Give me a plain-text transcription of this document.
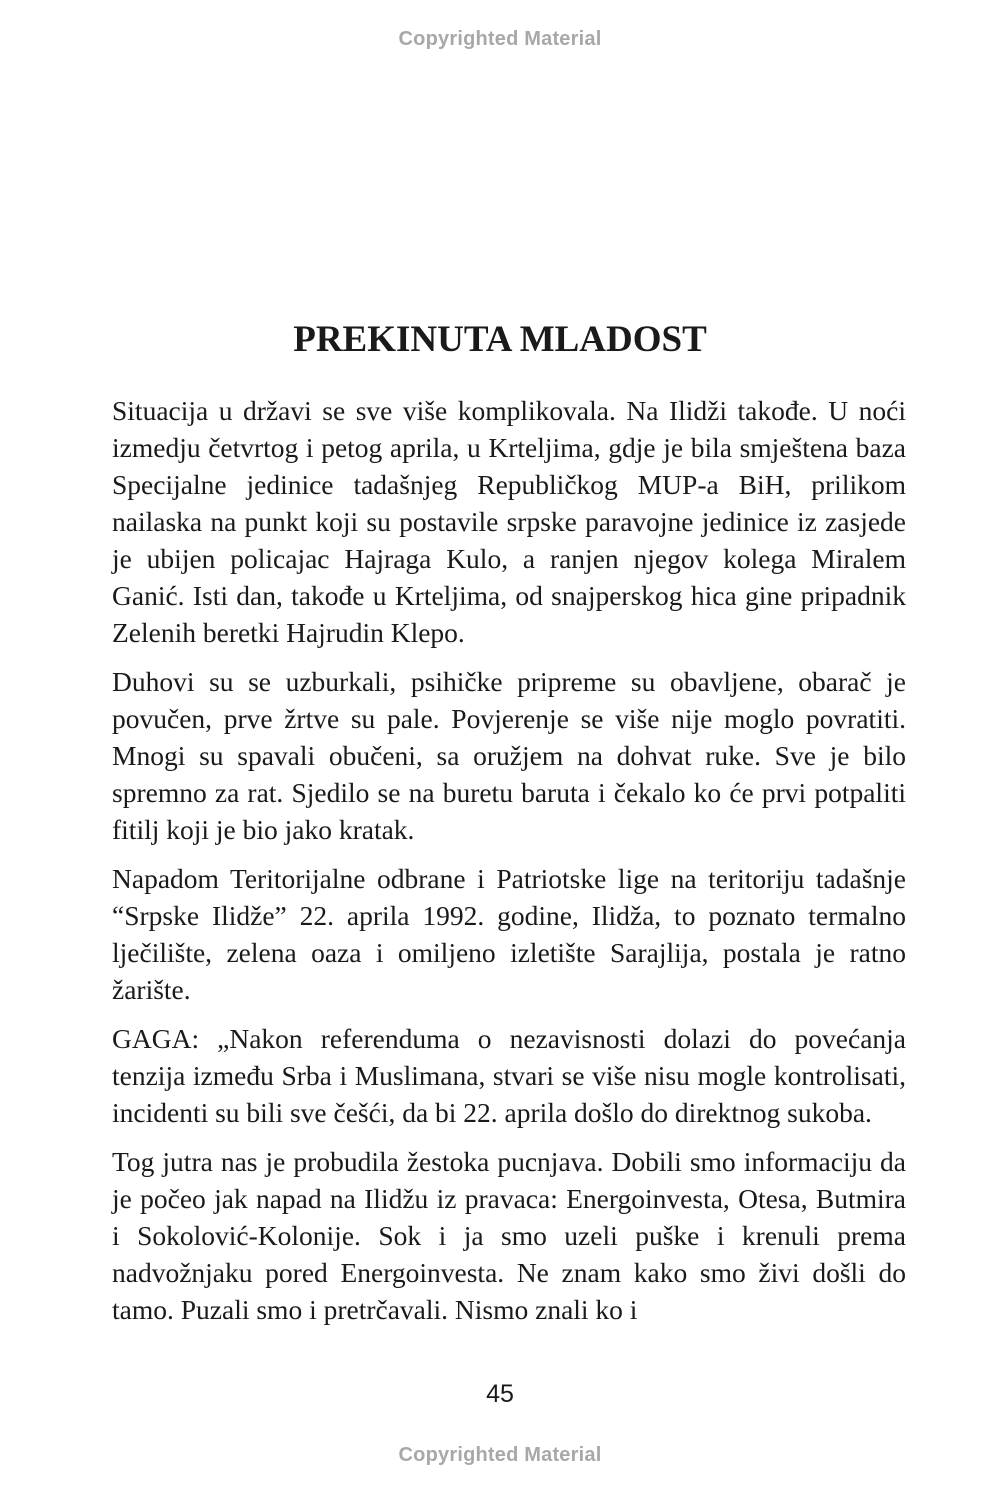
Copyrighted Material
PREKINUTA MLADOST

Situacija u državi se sve više komplikovala. Na Ilidži takođe. U noći izmedju četvrtog i petog aprila, u Krteljima, gdje je bila smještena baza Specijalne jedinice tadašnjeg Republičkog MUP-a BiH, prilikom nailaska na punkt koji su postavile srpske paravojne jedinice iz zasjede je ubijen policajac Hajraga Kulo, a ranjen njegov kolega Miralem Ganić. Isti dan, takođe u Krteljima, od snajperskog hica gine pripadnik Zelenih beretki Hajrudin Klepo.

Duhovi su se uzburkali, psihičke pripreme su obavljene, obarač je povučen, prve žrtve su pale. Povjerenje se više nije moglo povratiti. Mnogi su spavali obučeni, sa oružjem na dohvat ruke. Sve je bilo spremno za rat. Sjedilo se na buretu baruta i čekalo ko će prvi potpaliti fitilj koji je bio jako kratak.

Napadom Teritorijalne odbrane i Patriotske lige na teritoriju tadašnje “Srpske Ilidže” 22. aprila 1992. godine, Ilidža, to poznato termalno lječilište, zelena oaza i omiljeno izletište Sarajlija, postala je ratno žarište.

GAGA: „Nakon referenduma o nezavisnosti dolazi do povećanja tenzija između Srba i Muslimana, stvari se više nisu mogle kontrolisati, incidenti su bili sve češći, da bi 22. aprila došlo do direktnog sukoba.

Tog jutra nas je probudila žestoka pucnjava. Dobili smo informaciju da je počeo jak napad na Ilidžu iz pravaca: Energoinvesta, Otesa, Butmira i Sokolović-Kolonije. Sok i ja smo uzeli puške i krenuli prema nadvožnjaku pored Energoinvesta. Ne znam kako smo živi došli do tamo. Puzali smo i pretrčavali. Nismo znali ko i

45
Copyrighted Material
